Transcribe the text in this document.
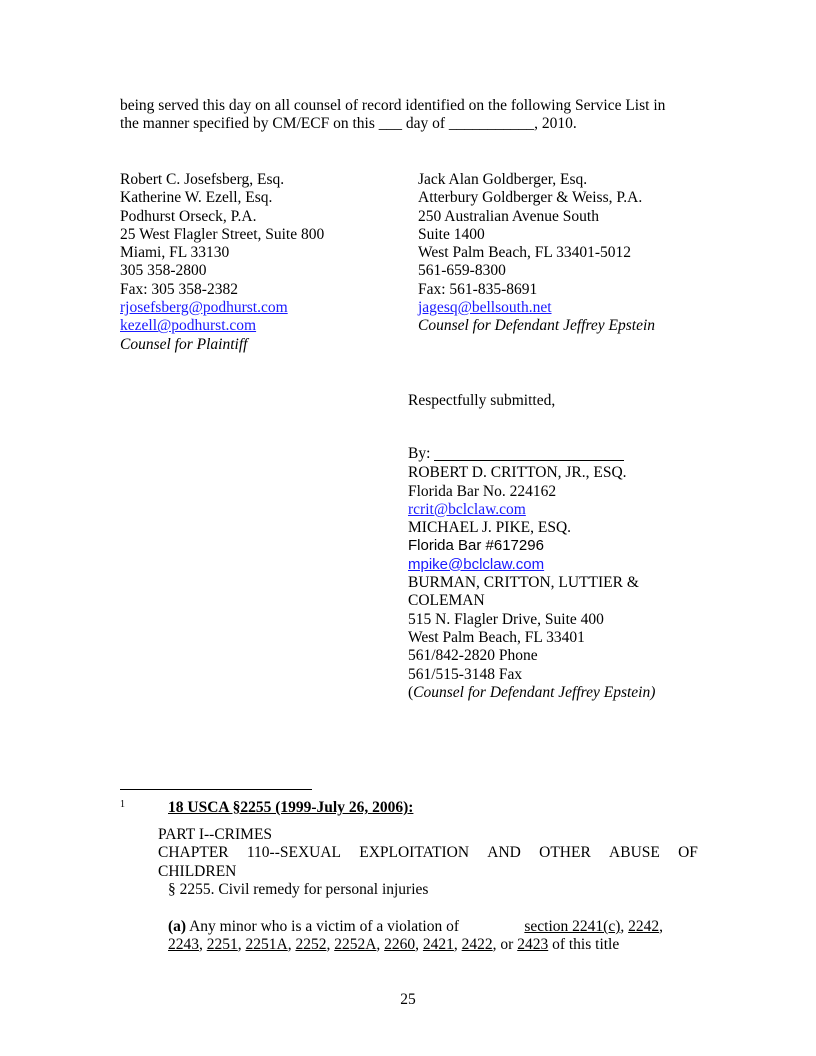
being served this day on all counsel of record identified on the following Service List in
the manner specified by CM/ECF on this ___ day of ___________, 2010.
Robert C. Josefsberg, Esq.
Katherine W. Ezell, Esq.
Podhurst Orseck, P.A.
25 West Flagler Street, Suite 800
Miami, FL 33130
305 358-2800
Fax: 305 358-2382
rjosefsberg@podhurst.com
kezell@podhurst.com
Counsel for Plaintiff
Jack Alan Goldberger, Esq.
Atterbury Goldberger & Weiss, P.A.
250 Australian Avenue South
Suite 1400
West Palm Beach, FL 33401-5012
561-659-8300
Fax: 561-835-8691
jagesq@bellsouth.net
Counsel for Defendant Jeffrey Epstein
Respectfully submitted,
By:
ROBERT D. CRITTON, JR., ESQ.
Florida Bar No. 224162
rcrit@bclclaw.com
MICHAEL J. PIKE, ESQ.
Florida Bar #617296
mpike@bclclaw.com
BURMAN, CRITTON, LUTTIER &
COLEMAN
515 N. Flagler Drive, Suite 400
West Palm Beach, FL 33401
561/842-2820 Phone
561/515-3148 Fax
(Counsel for Defendant Jeffrey Epstein)
1	18 USCA §2255 (1999-July 26, 2006):
PART I--CRIMES
CHAPTER 110--SEXUAL EXPLOITATION AND OTHER ABUSE OF
CHILDREN
§ 2255. Civil remedy for personal injuries
(a) Any minor who is a victim of a violation of	section 2241(c), 2242,
2243, 2251, 2251A, 2252, 2252A, 2260, 2421, 2422, or 2423 of this title
25
